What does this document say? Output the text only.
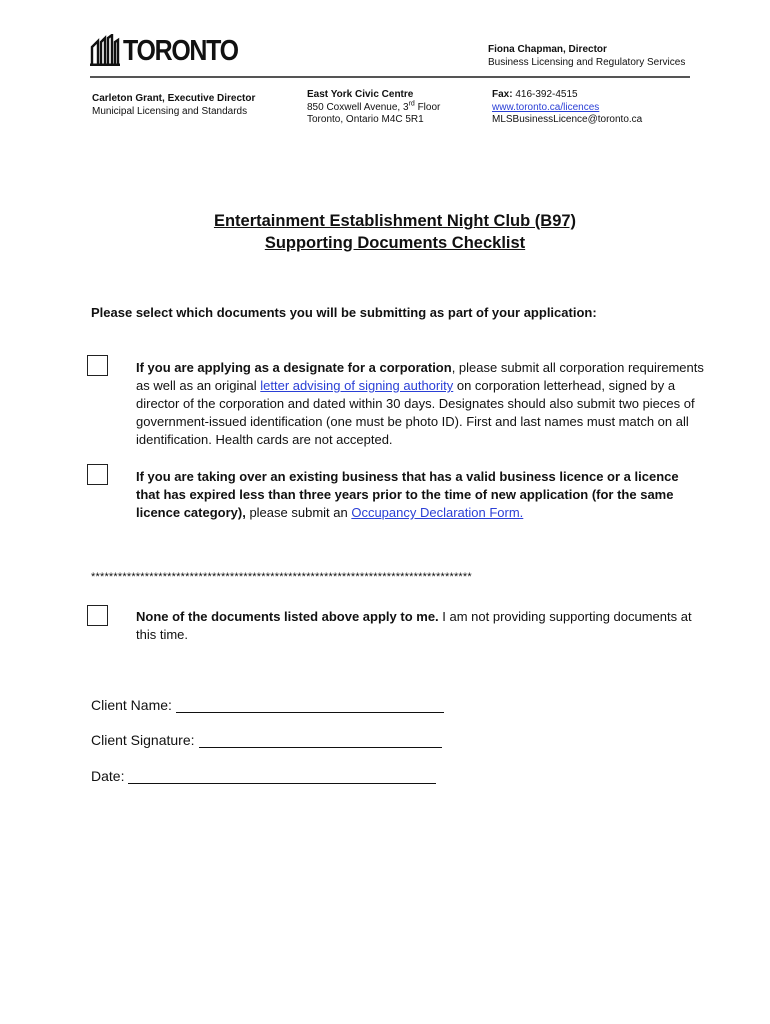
TORONTO	Fiona Chapman, Director
Business Licensing and Regulatory Services
Carleton Grant, Executive Director
Municipal Licensing and Standards
East York Civic Centre
850 Coxwell Avenue, 3rd Floor
Toronto, Ontario M4C 5R1
Fax: 416-392-4515
www.toronto.ca/licences
MLSBusinessLicence@toronto.ca
Entertainment Establishment Night Club (B97)
Supporting Documents Checklist
Please select which documents you will be submitting as part of your application:
If you are applying as a designate for a corporation, please submit all corporation requirements as well as an original letter advising of signing authority on corporation letterhead, signed by a director of the corporation and dated within 30 days. Designates should also submit two pieces of government-issued identification (one must be photo ID). First and last names must match on all identification. Health cards are not accepted.
If you are taking over an existing business that has a valid business licence or a licence that has expired less than three years prior to the time of new application (for the same licence category), please submit an Occupancy Declaration Form.
*************************************************************************************
None of the documents listed above apply to me. I am not providing supporting documents at this time.
Client Name:
Client Signature:
Date:
